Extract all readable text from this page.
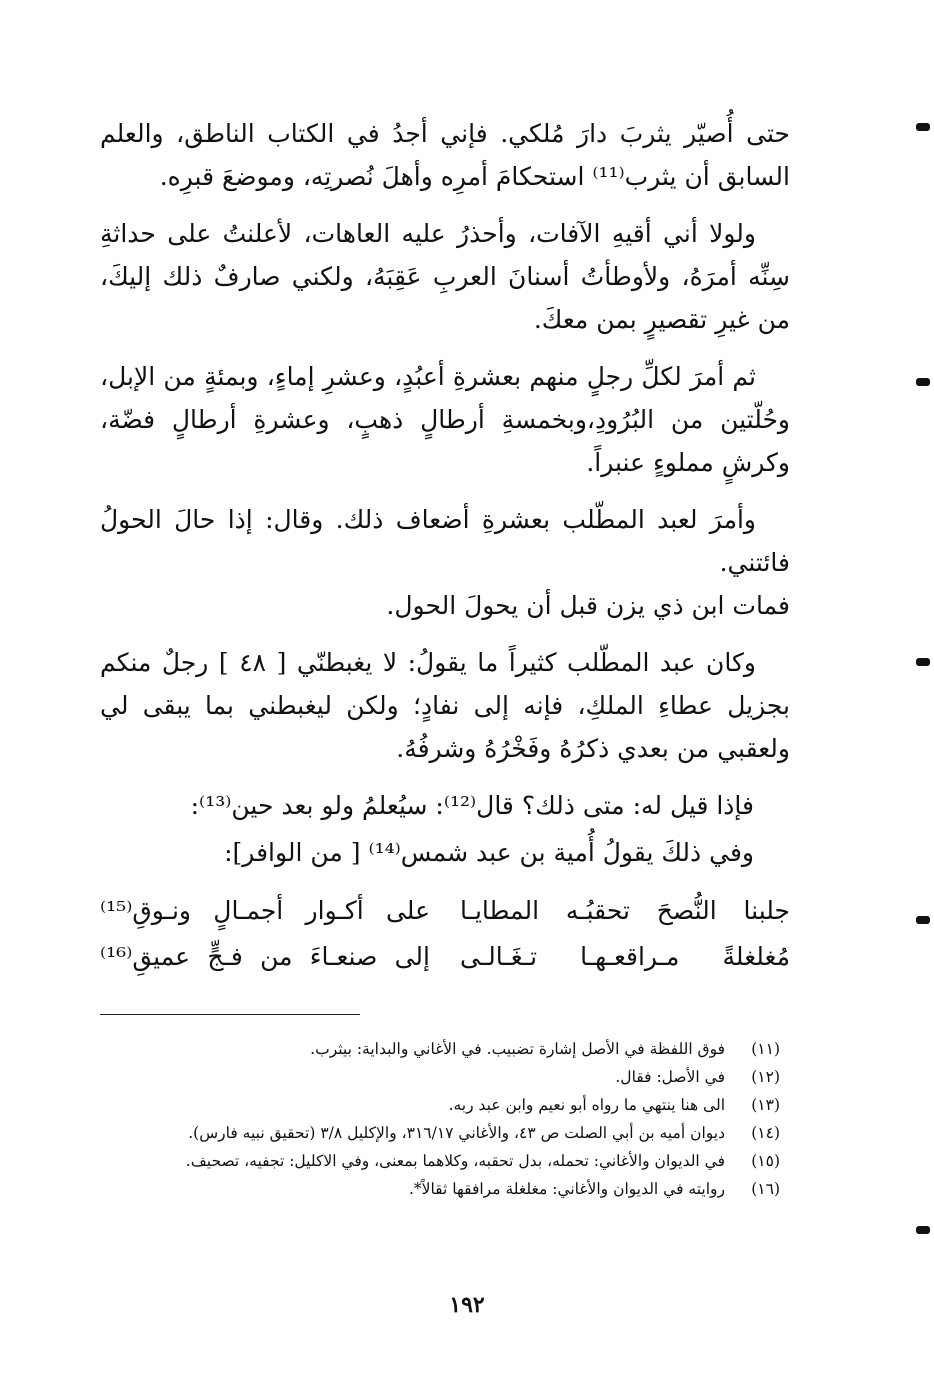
حتى أُصيّر يثربَ دارَ مُلكي. فإني أجدُ في الكتاب الناطق، والعلم السابق أن يثرب⁽¹¹⁾ استحكامَ أمرِه وأهلَ نُصرتِه، وموضعَ قبرِه.

ولولا أني أقيهِ الآفات، وأحذرُ عليه العاهات، لأعلنتُ على حداثةِ سِنِّه أمرَهُ، ولأوطأتُ أسنانَ العربِ عَقِبَهُ، ولكني صارفٌ ذلك إليكَ، من غيرِ تقصيرٍ بمن معكَ.

ثم أمرَ لكلِّ رجلٍ منهم بعشرةِ أعبُدٍ، وعشرِ إماءٍ، وبمئةٍ من الإبل، وحُلّتين من البُرُودِ،وبخمسةِ أرطالٍ ذهبٍ، وعشرةِ أرطالٍ فضّة، وكرشٍ مملوءٍ عنبراً.

وأمرَ لعبد المطّلب بعشرةِ أضعاف ذلك. وقال: إذا حالَ الحولُ فائتني.

فمات ابن ذي يزن قبل أن يحولَ الحول.

وكان عبد المطّلب كثيراً ما يقولُ: لا يغبطنّي [ ٤٨ ] رجلٌ منكم بجزيل عطاءِ الملكِ، فإنه إلى نفادٍ؛ ولكن ليغبطني بما يبقى لي ولعقبي من بعدي ذكرُهُ وفَخْرُهُ وشرفُهُ.

فإذا قيل له: متى ذلك؟ قال⁽¹²⁾: سيُعلمُ ولو بعد حين⁽¹³⁾:

وفي ذلكَ يقولُ أُمية بن عبد شمس⁽¹⁴⁾ [ من الوافر]:

جلبنا النُّصحَ تحقبُـه المطايـا
على أكـوار أجمـالٍ ونـوقِ⁽¹⁵⁾
مُغلغلةً مـراقعـهـا تـغَـالـى
إلى صنعـاءَ من فـجٍّ عميقِ⁽¹⁶⁾
(١١)
فوق اللفظة في الأصل إشارة تضبيب. في الأغاني والبداية: بيثرب.
(١٢)
في الأصل: فقال.
(١٣)
الى هنا ينتهي ما رواه أبو نعيم وابن عبد ربه.
(١٤)
ديوان أميه بن أبي الصلت ص ٤٣، والأغاني ٣١٦/١٧، والإكليل ٣/٨ (تحقيق نبيه فارس).
(١٥)
في الديوان والأغاني: تحمله، بدل تحقبه، وكلاهما بمعنى، وفي الاكليل: تجفيه، تصحيف.
(١٦)
روايته في الديوان والأغاني: مغلغلة مرافقها ثقالاً*.
١٩٢
